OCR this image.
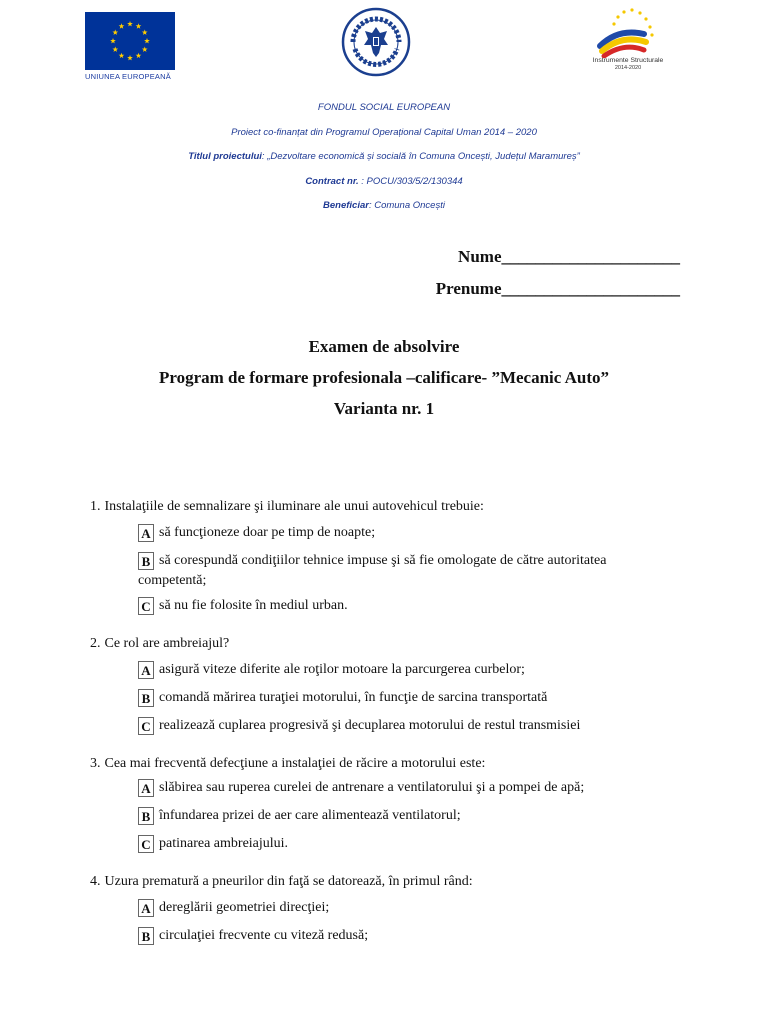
UNIUNEA EUROPEANĂ
Instrumente Structurale
2014-2020
FONDUL SOCIAL EUROPEAN
Proiect co-finanțat din Programul Operațional Capital Uman 2014 – 2020
Titlul proiectului: „Dezvoltare economică și socială în Comuna Oncești, Județul Maramureș”
Contract nr. : POCU/303/5/2/130344
Beneficiar: Comuna Oncești
Nume_____________________
Prenume_____________________
Examen de absolvire
Program de formare profesionala –calificare- ”Mecanic Auto”
Varianta nr. 1
1. Instalaţiile de semnalizare şi iluminare ale unui autovehicul trebuie:
A să funcţioneze doar pe timp de noapte;
B să corespundă condiţiilor tehnice impuse şi să fie omologate de către autoritatea
competentă;
C să nu fie folosite în mediul urban.
2. Ce rol are ambreiajul?
A asigură viteze diferite ale roţilor motoare la parcurgerea curbelor;
B comandă mărirea turaţiei motorului, în funcţie de sarcina transportată
C realizează cuplarea progresivă şi decuplarea motorului de restul transmisiei
3. Cea mai frecventă defecţiune a instalaţiei de răcire a motorului este:
A slăbirea sau ruperea curelei de antrenare a ventilatorului şi a pompei de apă;
B înfundarea prizei de aer care alimentează ventilatorul;
C patinarea ambreiajului.
4. Uzura prematură a pneurilor din faţă se datorează, în primul rând:
A dereglării geometriei direcţiei;
B circulaţiei frecvente cu viteză redusă;
